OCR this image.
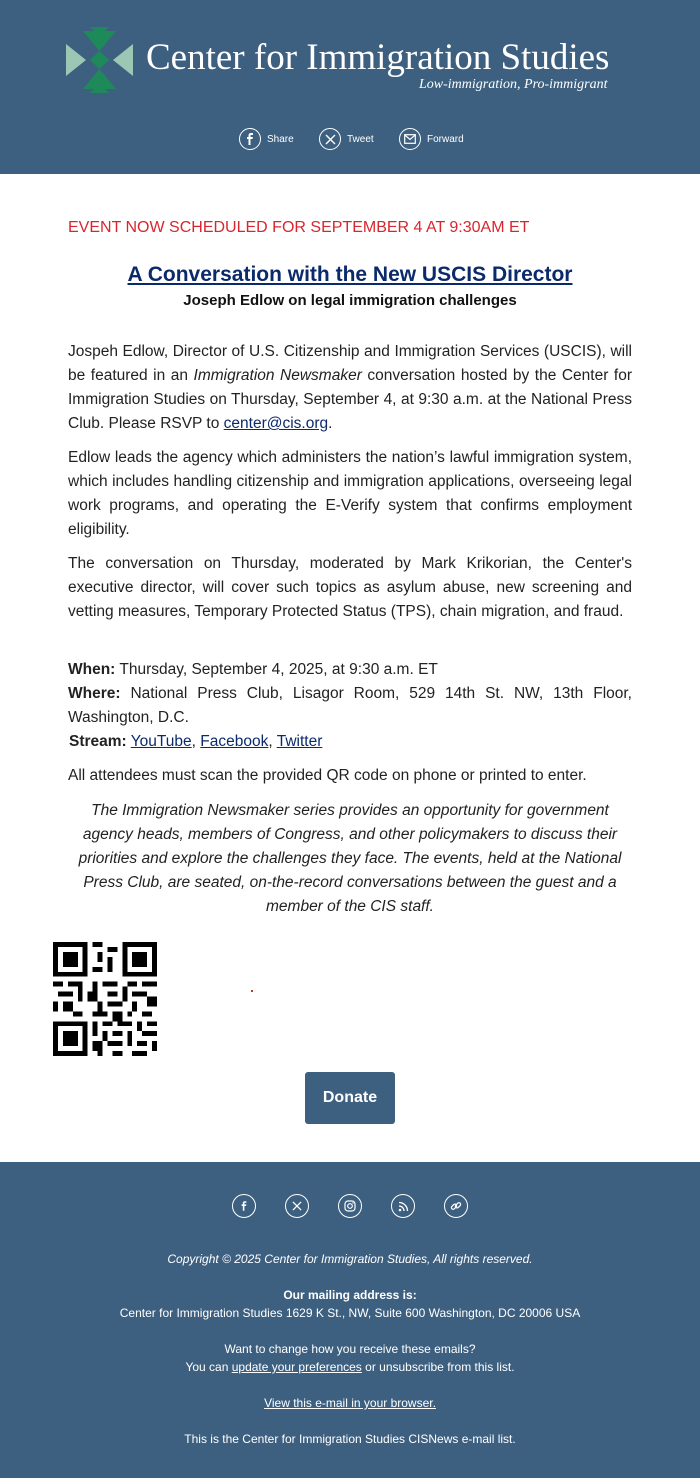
Center for Immigration Studies
Low-immigration, Pro-immigrant
Share	Tweet	Forward
EVENT NOW SCHEDULED FOR SEPTEMBER 4 AT 9:30AM ET
A Conversation with the New USCIS Director
Joseph Edlow on legal immigration challenges
Jospeh Edlow, Director of U.S. Citizenship and Immigration Services (USCIS), will be featured in an Immigration Newsmaker conversation hosted by the Center for Immigration Studies on Thursday, September 4, at 9:30 a.m. at the National Press Club. Please RSVP to center@cis.org.
Edlow leads the agency which administers the nation’s lawful immigration system, which includes handling citizenship and immigration applications, overseeing legal work programs, and operating the E-Verify system that confirms employment eligibility.
The conversation on Thursday, moderated by Mark Krikorian, the Center's executive director, will cover such topics as asylum abuse, new screening and vetting measures, Temporary Protected Status (TPS), chain migration, and fraud.
When: Thursday, September 4, 2025, at 9:30 a.m. ET
Where: National Press Club, Lisagor Room, 529 14th St. NW, 13th Floor, Washington, D.C.
Stream: YouTube, Facebook, Twitter
All attendees must scan the provided QR code on phone or printed to enter.
The Immigration Newsmaker series provides an opportunity for government agency heads, members of Congress, and other policymakers to discuss their priorities and explore the challenges they face. The events, held at the National Press Club, are seated, on-the-record conversations between the guest and a member of the CIS staff.
Donate
Copyright © 2025 Center for Immigration Studies, All rights reserved.
Our mailing address is:
Center for Immigration Studies 1629 K St., NW, Suite 600 Washington, DC 20006 USA
Want to change how you receive these emails?
You can update your preferences or unsubscribe from this list.
View this e-mail in your browser.
This is the Center for Immigration Studies CISNews e-mail list.
